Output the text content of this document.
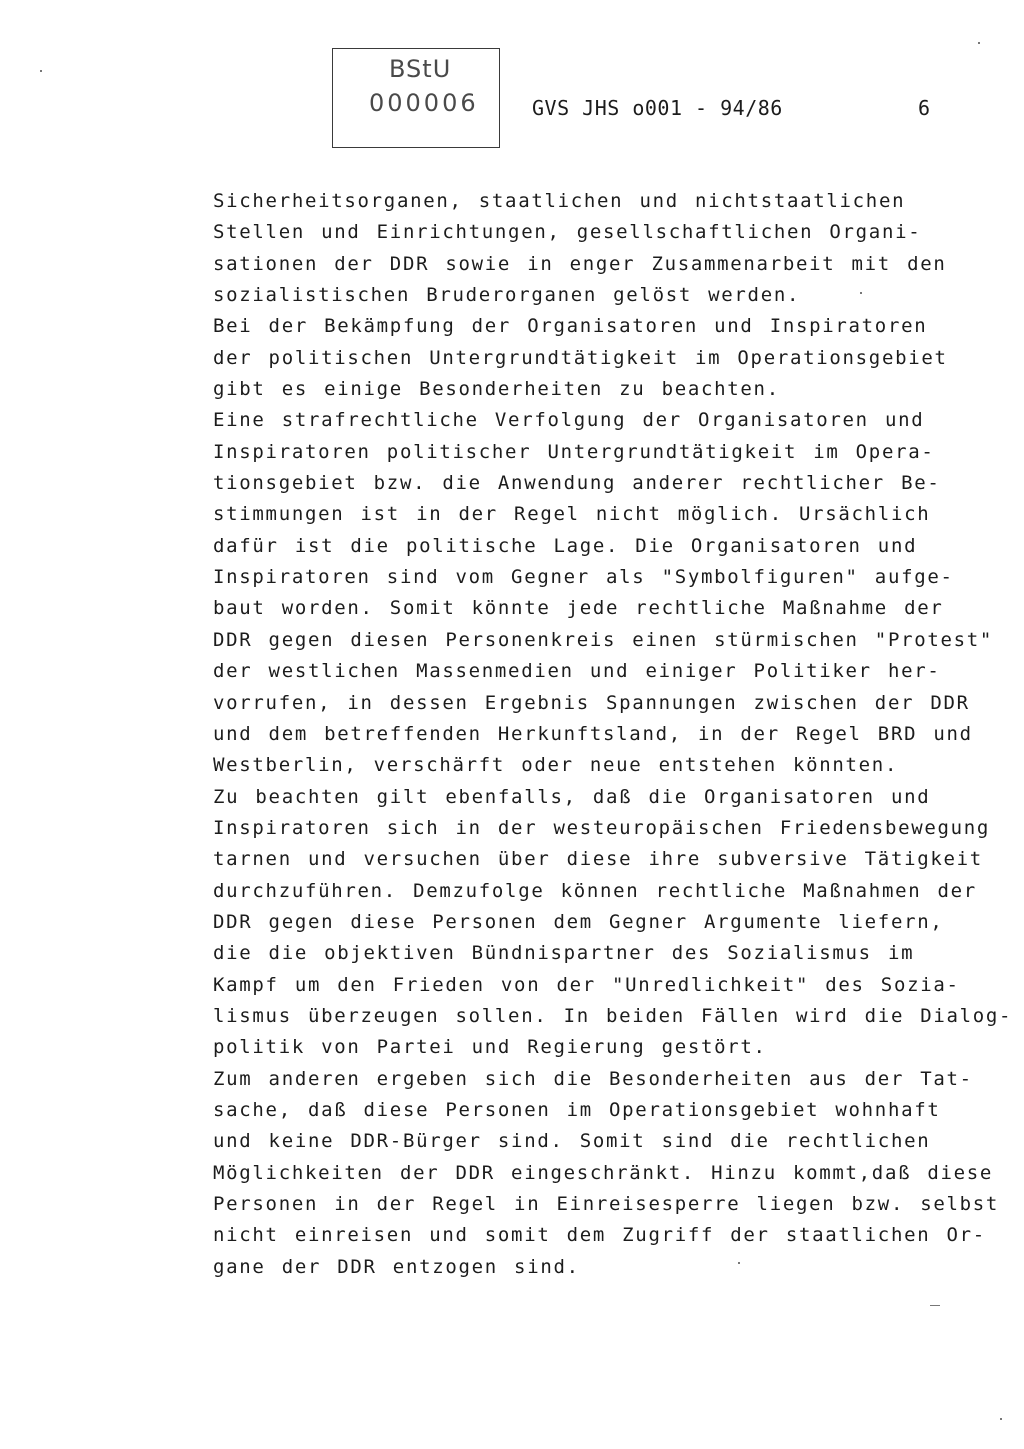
BStU
000006	GVS JHS o001 - 94/86	6
Sicherheitsorganen, staatlichen und nichtstaatlichen
Stellen und Einrichtungen, gesellschaftlichen Organi-
sationen der DDR sowie in enger Zusammenarbeit mit den
sozialistischen Bruderorganen gelöst werden.
Bei der Bekämpfung der Organisatoren und Inspiratoren
der politischen Untergrundtätigkeit im Operationsgebiet
gibt es einige Besonderheiten zu beachten.
Eine strafrechtliche Verfolgung der Organisatoren und
Inspiratoren politischer Untergrundtätigkeit im Opera-
tionsgebiet bzw. die Anwendung anderer rechtlicher Be-
stimmungen ist in der Regel nicht möglich. Ursächlich
dafür ist die politische Lage. Die Organisatoren und
Inspiratoren sind vom Gegner als "Symbolfiguren" aufge-
baut worden. Somit könnte jede rechtliche Maßnahme der
DDR gegen diesen Personenkreis einen stürmischen "Protest"
der westlichen Massenmedien und einiger Politiker her-
vorrufen, in dessen Ergebnis Spannungen zwischen der DDR
und dem betreffenden Herkunftsland, in der Regel BRD und
Westberlin, verschärft oder neue entstehen könnten.
Zu beachten gilt ebenfalls, daß die Organisatoren und
Inspiratoren sich in der westeuropäischen Friedensbewegung
tarnen und versuchen über diese ihre subversive Tätigkeit
durchzuführen. Demzufolge können rechtliche Maßnahmen der
DDR gegen diese Personen dem Gegner Argumente liefern,
die die objektiven Bündnispartner des Sozialismus im
Kampf um den Frieden von der "Unredlichkeit" des Sozia-
lismus überzeugen sollen. In beiden Fällen wird die Dialog-
politik von Partei und Regierung gestört.
Zum anderen ergeben sich die Besonderheiten aus der Tat-
sache, daß diese Personen im Operationsgebiet wohnhaft
und keine DDR-Bürger sind. Somit sind die rechtlichen
Möglichkeiten der DDR eingeschränkt. Hinzu kommt,daß diese
Personen in der Regel in Einreisesperre liegen bzw. selbst
nicht einreisen und somit dem Zugriff der staatlichen Or-
gane der DDR entzogen sind.
